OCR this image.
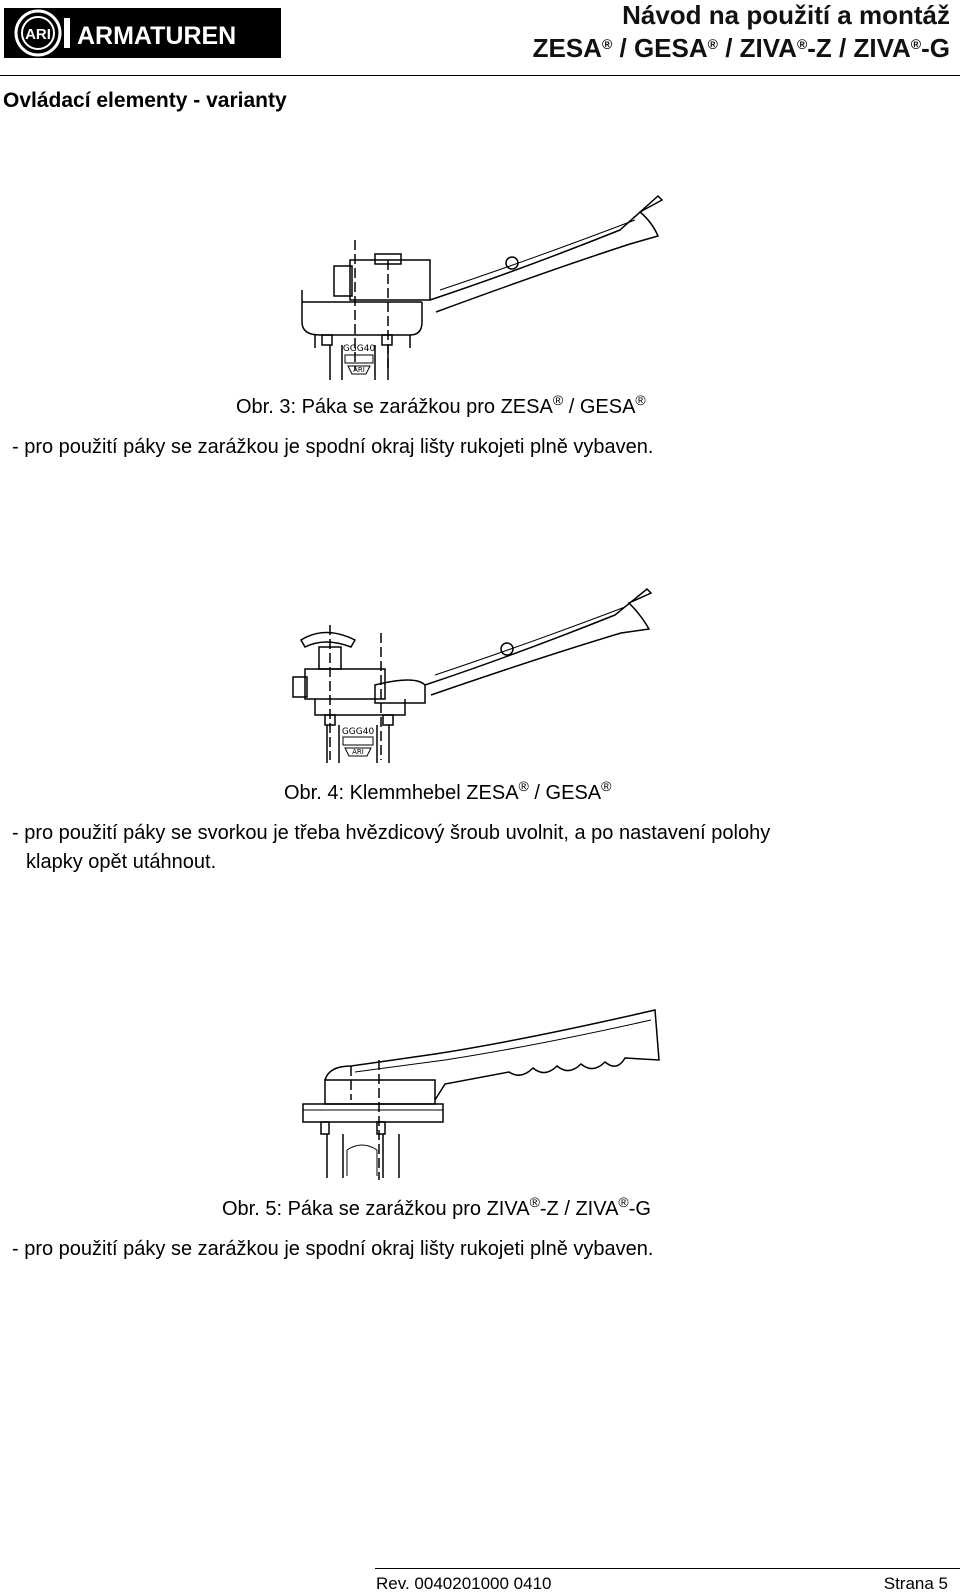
ARI ARMATUREN
Návod na použití a montáž
ZESA® / GESA® / ZIVA®-Z / ZIVA®-G
Ovládací elementy - varianty
GGG40
ARI
Obr. 3: Páka se zarážkou pro ZESA® / GESA®
- pro použití páky se zarážkou je spodní okraj lišty rukojeti plně vybaven.
GGG40
ARI
Obr. 4: Klemmhebel ZESA® / GESA®
- pro použití páky se svorkou je třeba hvězdicový šroub uvolnit, a po nastavení polohy
klapky opět utáhnout.
Obr. 5: Páka se zarážkou pro ZIVA®-Z / ZIVA®-G
- pro použití páky se zarážkou je spodní okraj lišty rukojeti plně vybaven.
Rev. 0040201000 0410	Strana 5
